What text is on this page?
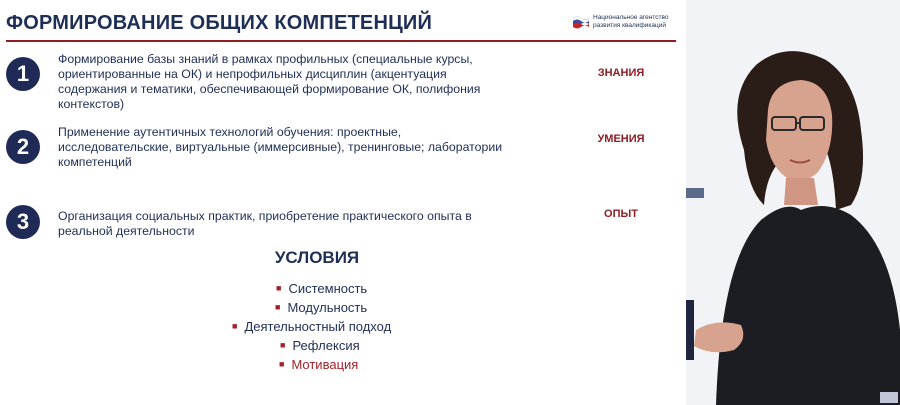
ФОРМИРОВАНИЕ ОБЩИХ КОМПЕТЕНЦИЙ	Национальное агентство
развития квалификаций
1
Формирование базы знаний в рамках профильных (специальные курсы,
ориентированные на ОК) и непрофильных дисциплин (акцентуация
содержания и тематики, обеспечивающей формирование ОК, полифония
контекстов)
ЗНАНИЯ
2
Применение аутентичных технологий обучения: проектные,
исследовательские, виртуальные (иммерсивные), тренинговые; лаборатории
компетенций
УМЕНИЯ
3	Организация социальных практик, приобретение практического опыта в
реальной деятельности
ОПЫТ
УСЛОВИЯ
■ Системность
■ Модульность
■ Деятельностный подход
■ Рефлексия
■ Мотивация
